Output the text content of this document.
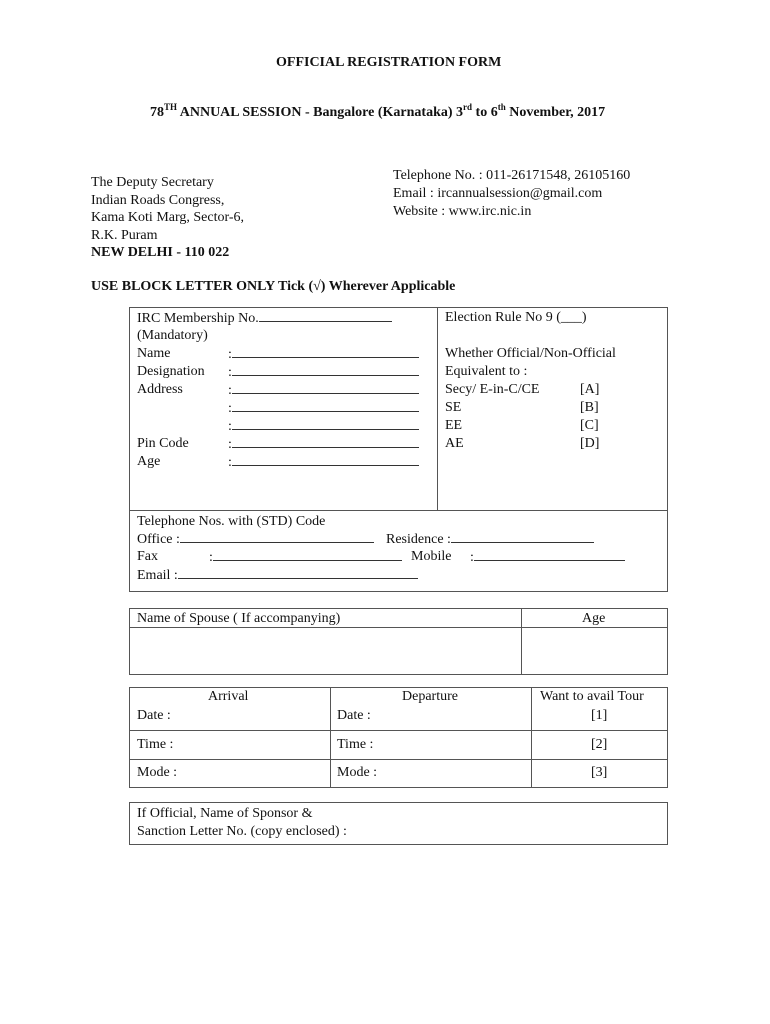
OFFICIAL REGISTRATION FORM
78TH ANNUAL SESSION - Bangalore (Karnataka) 3rd to 6th November, 2017
The Deputy Secretary
Indian Roads Congress,
Kama Koti Marg, Sector-6,
R.K. Puram
NEW DELHI - 110 022
Telephone No. : 011-26171548, 26105160
Email : ircannualsession@gmail.com
Website : www.irc.nic.in
USE BLOCK LETTER ONLY Tick (√) Wherever Applicable
IRC Membership No.
(Mandatory)
Name	:
Designation :
Address	:
:
:
Pin Code	:
Age	:
Election Rule No 9 (___)
Whether Official/Non-Official
Equivalent to :
Secy/ E-in-C/CE	[A]
SE	[B]
EE	[C]
AE	[D]
Telephone Nos. with (STD) Code
Office :	Residence :
Fax	:	Mobile :
Email :
Name of Spouse ( If accompanying)	Age
Arrival	Departure	Want to avail Tour
Date :	Date :	[1]
Time :	Time :	[2]
Mode :	Mode :	[3]
If Official, Name of Sponsor &
Sanction Letter No. (copy enclosed) :
